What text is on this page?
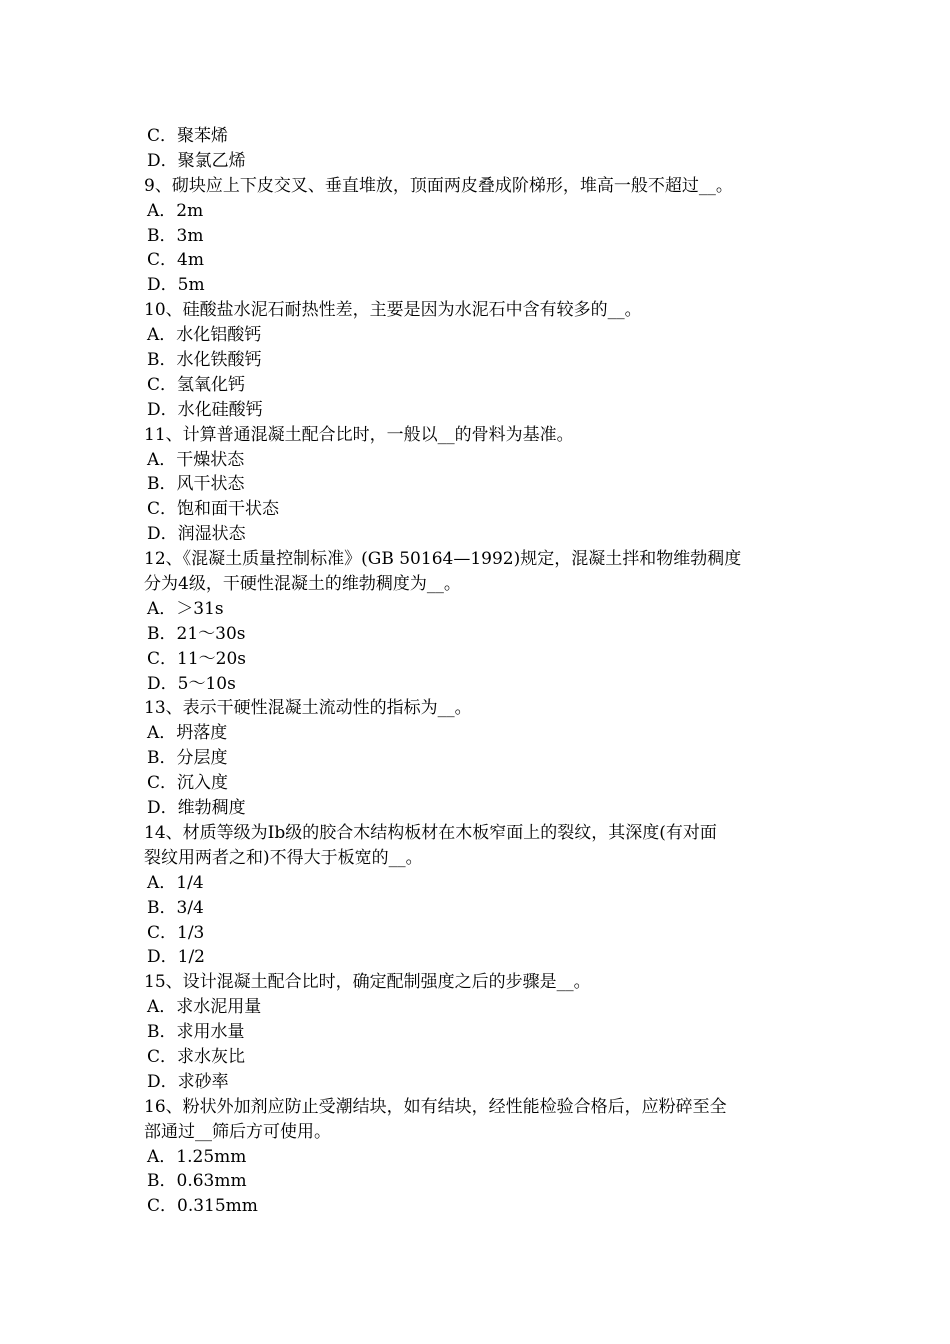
C．聚苯烯
D．聚氯乙烯
9、砌块应上下皮交叉、垂直堆放，顶面两皮叠成阶梯形，堆高一般不超过__。
A．2m
B．3m
C．4m
D．5m
10、硅酸盐水泥石耐热性差，主要是因为水泥石中含有较多的__。
A．水化铝酸钙
B．水化铁酸钙
C．氢氧化钙
D．水化硅酸钙
11、计算普通混凝土配合比时，一般以__的骨料为基准。
A．干燥状态
B．风干状态
C．饱和面干状态
D．润湿状态
12、《混凝土质量控制标准》(GB 50164—1992)规定，混凝土拌和物维勃稠度
分为4级，干硬性混凝土的维勃稠度为__。
A．＞31s
B．21～30s
C．11～20s
D．5～10s
13、表示干硬性混凝土流动性的指标为__。
A．坍落度
B．分层度
C．沉入度
D．维勃稠度
14、材质等级为Ⅰb级的胶合木结构板材在木板窄面上的裂纹，其深度(有对面
裂纹用两者之和)不得大于板宽的__。
A．1/4
B．3/4
C．1/3
D．1/2
15、设计混凝土配合比时，确定配制强度之后的步骤是__。
A．求水泥用量
B．求用水量
C．求水灰比
D．求砂率
16、粉状外加剂应防止受潮结块，如有结块，经性能检验合格后，应粉碎至全
部通过__筛后方可使用。
A．1.25mm
B．0.63mm
C．0.315mm
